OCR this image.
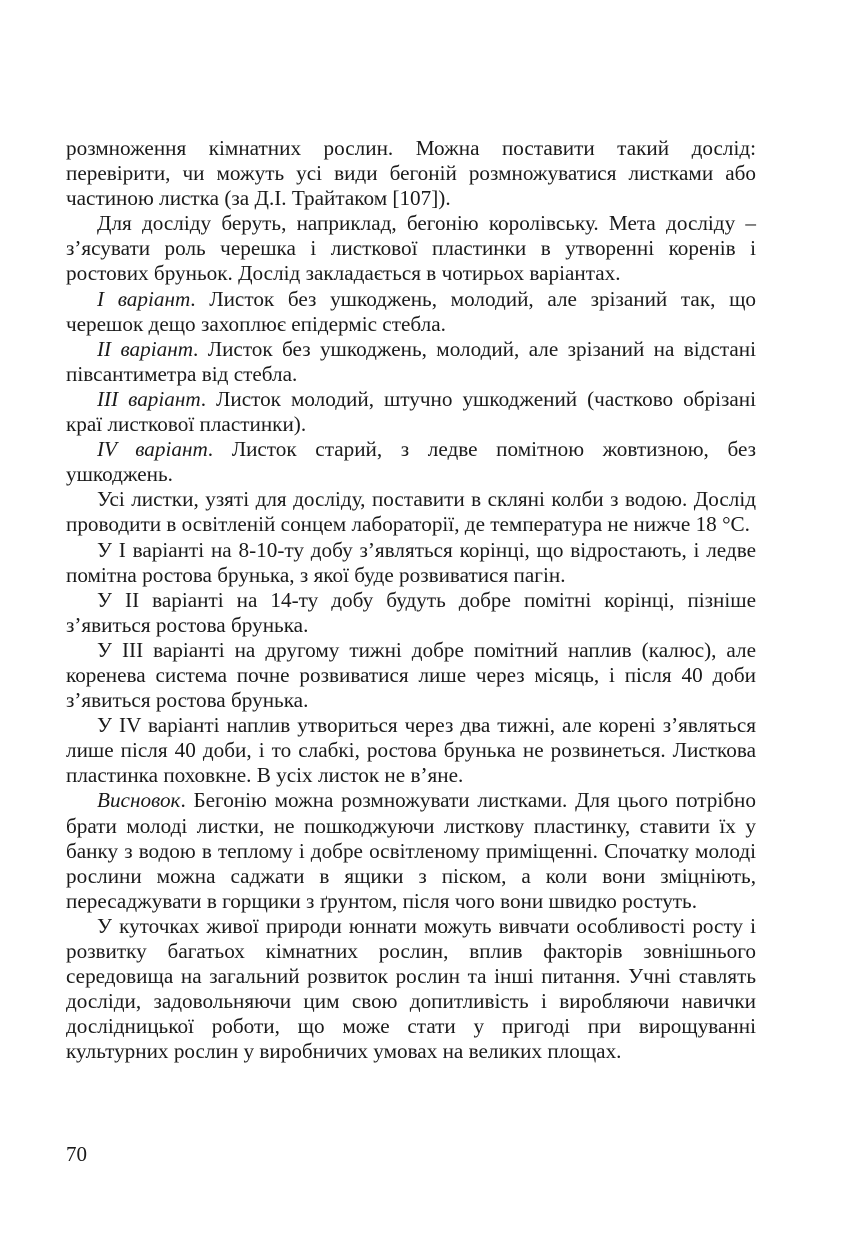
розмноження кімнатних рослин. Можна поставити такий дослід: перевірити, чи можуть усі види бегоній розмножуватися листками або частиною листка (за Д.І. Трайтаком [107]).

Для досліду беруть, наприклад, бегонію королівську. Мета досліду – з’ясувати роль черешка і листкової пластинки в утворенні коренів і ростових бруньок. Дослід закладається в чотирьох варіантах.

I варіант. Листок без ушкоджень, молодий, але зрізаний так, що черешок дещо захоплює епідерміс стебла.

II варіант. Листок без ушкоджень, молодий, але зрізаний на відстані півсантиметра від стебла.

III варіант. Листок молодий, штучно ушкоджений (частково обрізані краї листкової пластинки).

IV варіант. Листок старий, з ледве помітною жовтизною, без ушкоджень.

Усі листки, узяті для досліду, поставити в скляні колби з водою. Дослід проводити в освітленій сонцем лабораторії, де температура не нижче 18 °С.

У І варіанті на 8-10-ту добу з’являться корінці, що відростають, і ледве помітна ростова брунька, з якої буде розвиватися пагін.

У ІІ варіанті на 14-ту добу будуть добре помітні корінці, пізніше з’явиться ростова брунька.

У ІІІ варіанті на другому тижні добре помітний наплив (калюс), але коренева система почне розвиватися лише через місяць, і після 40 доби з’явиться ростова брунька.

У IV варіанті наплив утвориться через два тижні, але корені з’являться лише після 40 доби, і то слабкі, ростова брунька не розвинеться. Листкова пластинка поховкне. В усіх листок не в’яне.

Висновок. Бегонію можна розмножувати листками. Для цього потрібно брати молоді листки, не пошкоджуючи листкову пластинку, ставити їх у банку з водою в теплому і добре освітленому приміщенні. Спочатку молоді рослини можна саджати в ящики з піском, а коли вони зміцніють, пересаджувати в горщики з ґрунтом, після чого вони швидко ростуть.

У куточках живої природи юннати можуть вивчати особливості росту і розвитку багатьох кімнатних рослин, вплив факторів зовнішнього середовища на загальний розвиток рослин та інші питання. Учні ставлять досліди, задовольняючи цим свою допитливість і виробляючи навички дослідницької роботи, що може стати у пригоді при вирощуванні культурних рослин у виробничих умовах на великих площах.

70
